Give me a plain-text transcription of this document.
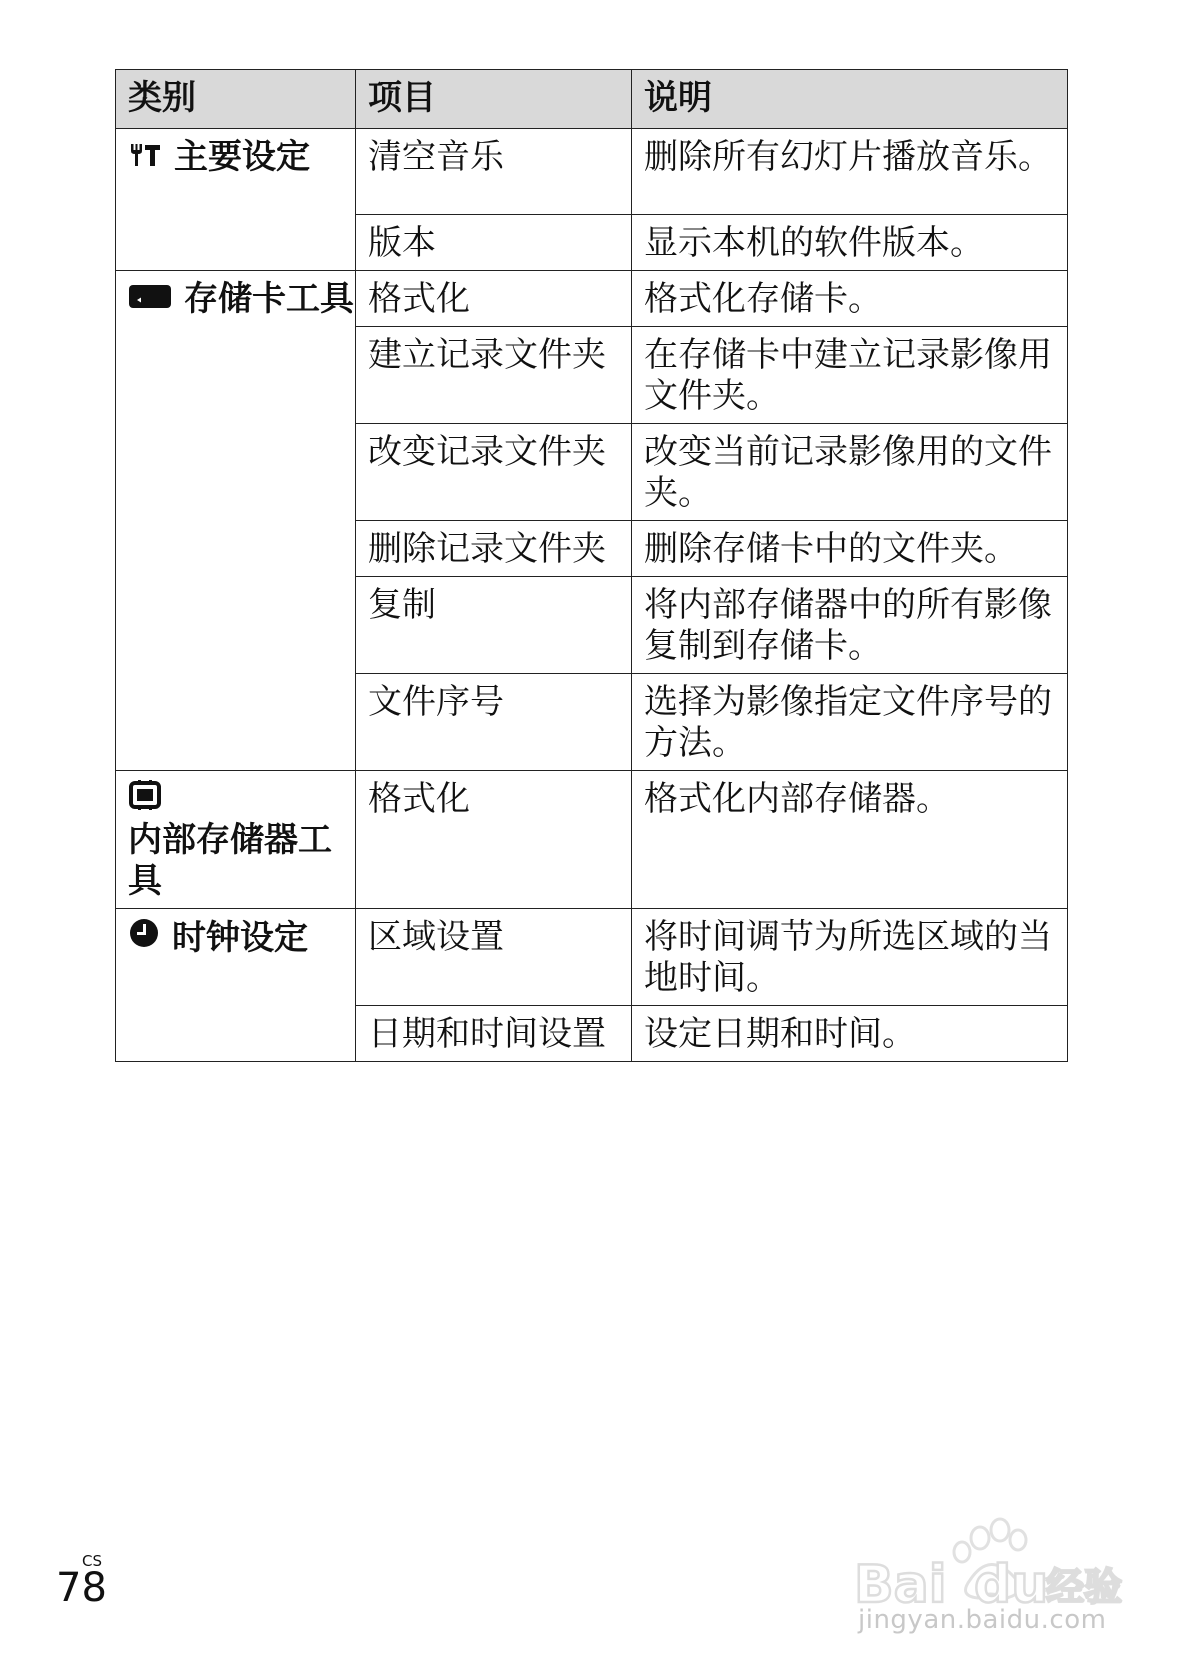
类别	项目	说明

主要设定	清空音乐	删除所有幻灯片播放音乐。
	版本	显示本机的软件版本。

存储卡工具	格式化	格式化存储卡。
	建立记录文件夹	在存储卡中建立记录影像用文件夹。
	改变记录文件夹	改变当前记录影像用的文件夹。
	删除记录文件夹	删除存储卡中的文件夹。
	复制	将内部存储器中的所有影像复制到存储卡。
	文件序号	选择为影像指定文件序号的方法。

内部存储器工具	格式化	格式化内部存储器。

时钟设定	区域设置	将时间调节为所选区域的当地时间。
	日期和时间设置	设定日期和时间。
CS
78	Bai du
经验
jingyan.baidu.com
